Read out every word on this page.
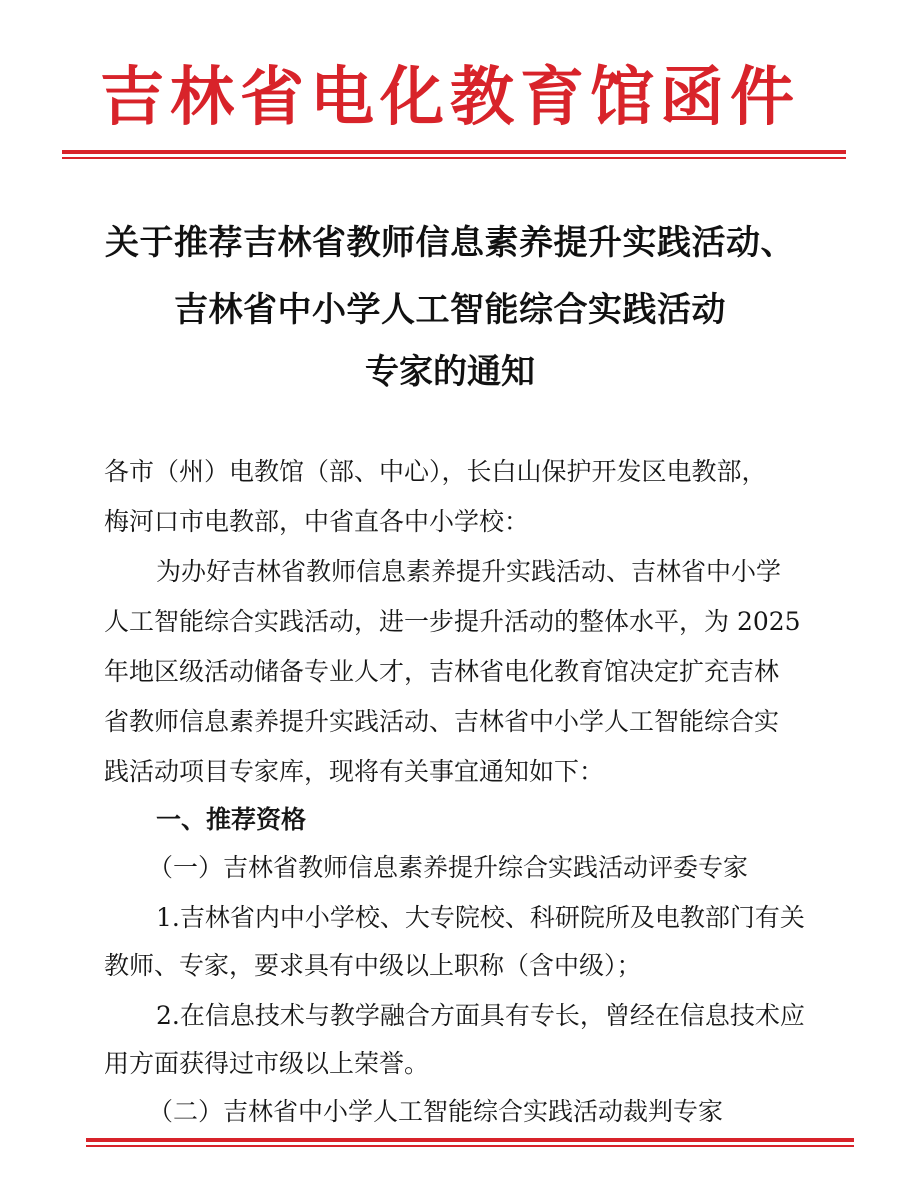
吉林省电化教育馆函件
关于推荐吉林省教师信息素养提升实践活动、
吉林省中小学人工智能综合实践活动
专家的通知
各市（州）电教馆（部、中心），长白山保护开发区电教部，
梅河口市电教部，中省直各中小学校：
为办好吉林省教师信息素养提升实践活动、吉林省中小学
人工智能综合实践活动，进一步提升活动的整体水平，为 2025
年地区级活动储备专业人才，吉林省电化教育馆决定扩充吉林
省教师信息素养提升实践活动、吉林省中小学人工智能综合实
践活动项目专家库，现将有关事宜通知如下：
一、推荐资格
（一）吉林省教师信息素养提升综合实践活动评委专家
1.吉林省内中小学校、大专院校、科研院所及电教部门有关
教师、专家，要求具有中级以上职称（含中级）；
2.在信息技术与教学融合方面具有专长，曾经在信息技术应
用方面获得过市级以上荣誉。
（二）吉林省中小学人工智能综合实践活动裁判专家
